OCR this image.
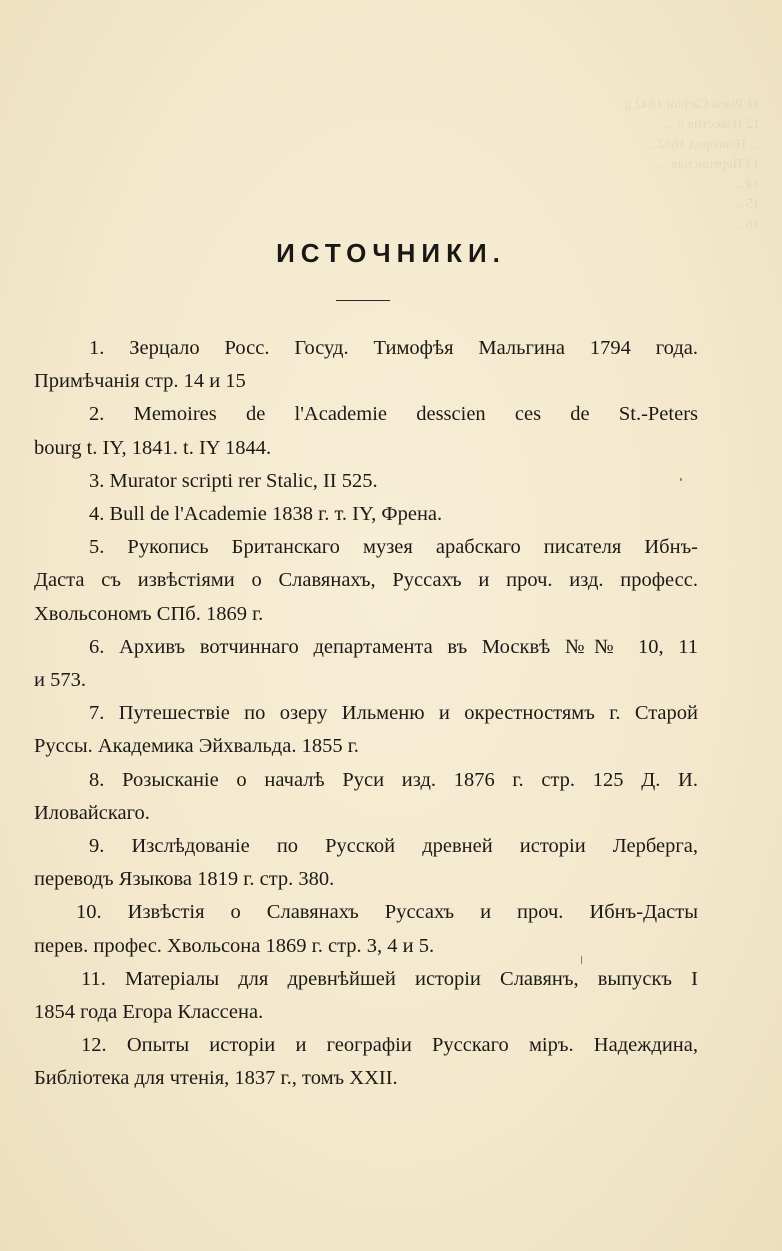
11 Piana Carpini 1842 g.
12 Известия о ...
... Новгород 1652 ...
13 Переписная ...
14 ...
15 ...
16 ...
ИСТОЧНИКИ.
1. Зерцало Росс. Госуд. Тимофѣя Мальгина 1794 года.
Примѣчанія стр. 14 и 15
2. Memoires de l'Academie desscien ces de St.-Peters
bourg t. IY, 1841. t. IY 1844.
3. Murator scripti rer Stalic, II 525.
4. Bull de l'Academie 1838 г. т. IY, Френа.
5. Рукопись Британскаго музея арабскаго писателя Ибнъ-
Даста съ извѣстіями о Славянахъ, Руссахъ и проч. изд. професс.
Хвольсономъ СПб. 1869 г.
6. Архивъ вотчиннаго департамента въ Москвѣ №№ 10, 11
и 573.
7. Путешествіе по озеру Ильменю и окрестностямъ г. Старой
Руссы. Академика Эйхвальда. 1855 г.
8. Розысканіе о началѣ Руси изд. 1876 г. стр. 125 Д. И.
Иловайскаго.
9. Изслѣдованіе по Русской древней исторіи Лерберга,
переводъ Языкова 1819 г. стр. 380.
10. Извѣстія о Славянахъ Руссахъ и проч. Ибнъ-Дасты
перев. профес. Хвольсона 1869 г. стр. 3, 4 и 5.
11. Матеріалы для древнѣйшей исторіи Славянъ, выпускъ I
1854 года Егора Классена.
12. Опыты исторіи и географіи Русскаго міръ. Надеждина,
Библіотека для чтенія, 1837 г., томъ XXII.
